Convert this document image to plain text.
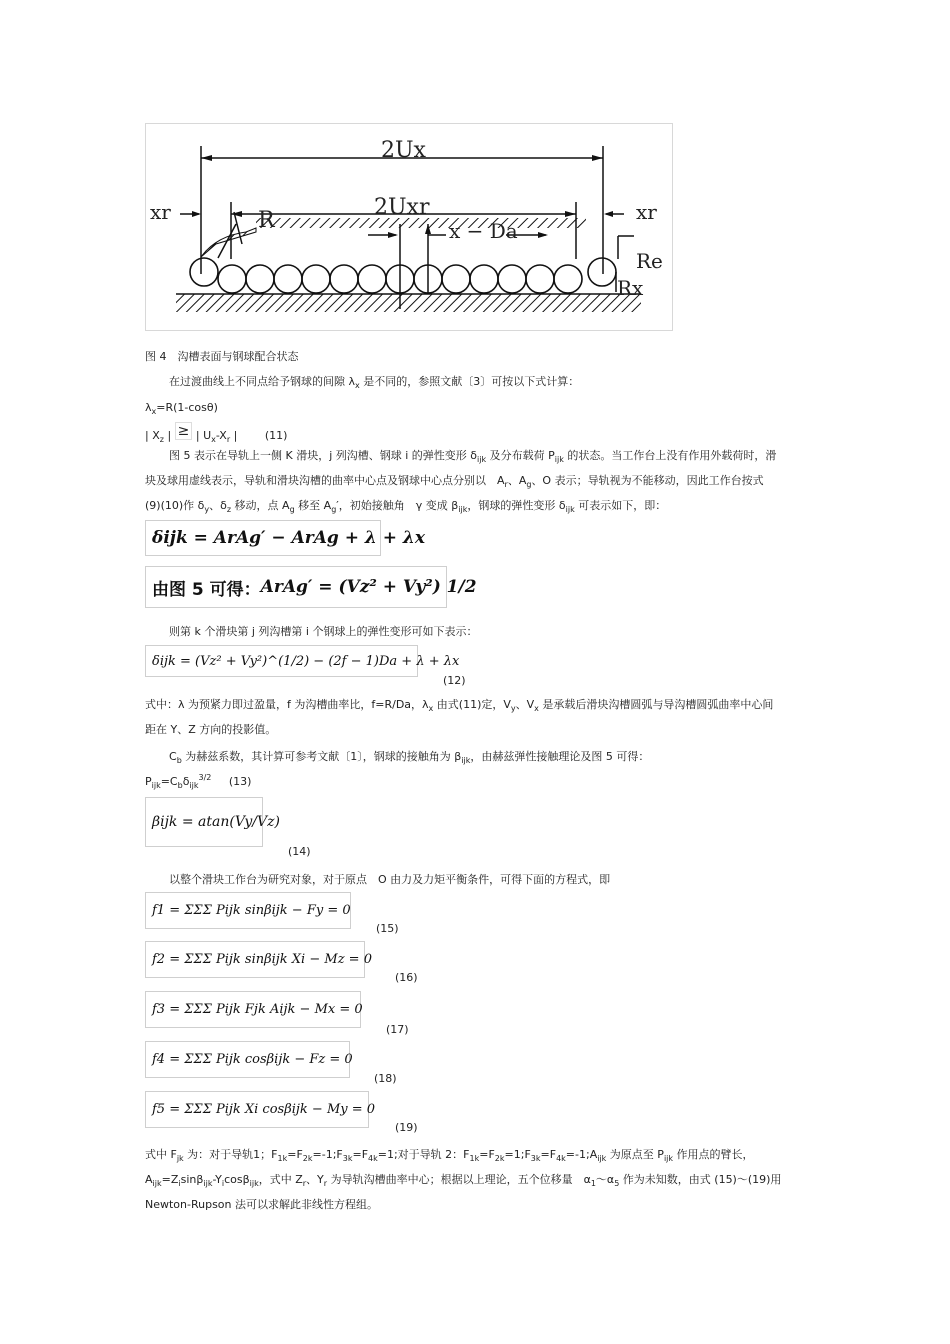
2Ux
2Uxr
xr	xr
R	x − Da
Re
Rx
图 4　沟槽表面与钢球配合状态
在过渡曲线上不同点给予钢球的间隙 $\lambda_x$ 是不同的，参照文献〔3〕可按以下式计算：
$\lambda_x=R(1-\cos\theta)$
| $X_z$ | ≥ | $U_x-X_r$ |	(11)
图 5 表示在导轨上一侧 K 滑块，j 列沟槽、钢球 i 的弹性变形 $\delta_{ijk}$ 及分布载荷 $P_{ijk}$ 的状态。当工作台上没有作用外载荷时，滑
块及球用虚线表示，导轨和滑块沟槽的曲率中心点及钢球中心点分别以　$A_r$、$A_g$、O 表示；导轨视为不能移动，因此工作台按式
(9)(10)作 $\delta_y$、$\delta_z$ 移动，点 $A_g$ 移至 $A_g'$，初始接触角　γ 变成 $\beta_{ijk}$，钢球的弹性变形 $\delta_{ijk}$ 可表示如下，即：
δijk = ArAg′ − ArAg + λ + λx
由图 5 可得： ArAg′ = (Vz² + Vy²) 1/2
则第 k 个滑块第 j 列沟槽第 i 个钢球上的弹性变形可如下表示：
δijk = (Vz² + Vy²)^(1/2) − (2f − 1)Da + λ + λx
(12)
式中：λ 为预紧力即过盈量，f 为沟槽曲率比，f=R/Da，$\lambda_x$ 由式(11)定，$V_y$、$V_x$ 是承载后滑块沟槽圆弧与导沟槽圆弧曲率中心间
距在 Y、Z 方向的投影值。
$C_b$ 为赫兹系数，其计算可参考文献〔1〕，钢球的接触角为 $\beta_{ijk}$，由赫兹弹性接触理论及图 5 可得：
$P_{ijk}=C_b\delta_{ijk}^{3/2}$ (13)
βijk = atan(Vy/Vz)
(14)
以整个滑块工作台为研究对象，对于原点　O 由力及力矩平衡条件，可得下面的方程式，即
f1 = ΣΣΣ Pijk sinβijk − Fy = 0
(15)
f2 = ΣΣΣ Pijk sinβijk Xi − Mz = 0
(16)
f3 = ΣΣΣ Pijk Fjk Aijk − Mx = 0
(17)
f4 = ΣΣΣ Pijk cosβijk − Fz = 0
(18)
f5 = ΣΣΣ Pijk Xi cosβijk − My = 0
(19)
式中 $F_{jk}$ 为：对于导轨1；$F_{1k}=F_{2k}=-1;F_{3k}=F_{4k}=1$;对于导轨 2：$F_{1k}=F_{2k}=1;F_{3k}=F_{4k}=-1;A_{ijk}$ 为原点至 $P_{ijk}$ 作用点的臂长，
$A_{ijk}=Z_i\sin\beta_{ijk}-Y_i\cos\beta_{ijk}$，式中 $Z_r$、$Y_r$ 为导轨沟槽曲率中心；根据以上理论，五个位移量　$\alpha_1\sim\alpha_5$ 作为未知数，由式 (15)～(19)用
Newton-Rupson 法可以求解此非线性方程组。
